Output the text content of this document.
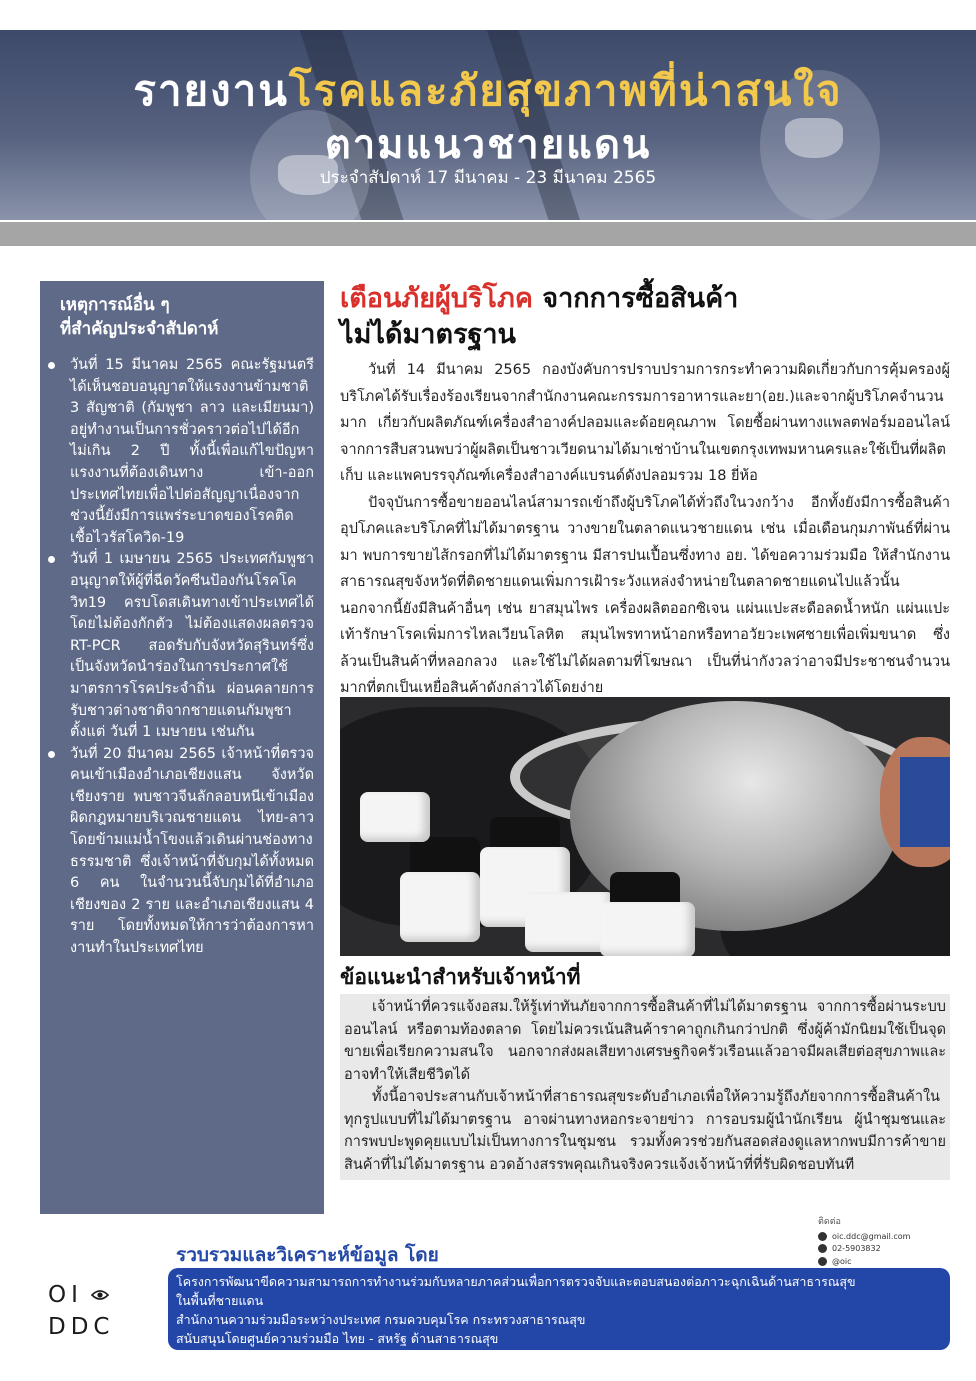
รายงานโรคและภัยสุขภาพที่น่าสนใจ
ตามแนวชายแดน
ประจำสัปดาห์ 17 มีนาคม - 23 มีนาคม 2565
เหตุการณ์อื่น ๆ
ที่สำคัญประจำสัปดาห์
วันที่ 15 มีนาคม 2565 คณะรัฐมนตรีได้เห็นชอบอนุญาตให้แรงงานข้ามชาติ 3 สัญชาติ (กัมพูชา ลาว และเมียนมา) อยู่ทำงานเป็นการชั่วคราวต่อไปได้อีกไม่เกิน 2 ปี ทั้งนี้เพื่อแก้ไขปัญหาแรงงานที่ต้องเดินทาง เข้า-ออกประเทศไทยเพื่อไปต่อสัญญาเนื่องจากช่วงนี้ยังมีการแพร่ระบาดของโรคติดเชื้อไวรัสโควิด-19
วันที่ 1 เมษายน 2565 ประเทศกัมพูชา อนุญาตให้ผู้ที่ฉีดวัคซีนป้องกันโรคโควิท19 ครบโดสเดินทางเข้าประเทศได้โดยไม่ต้องกักตัว ไม่ต้องแสดงผลตรวจ RT-PCR สอดรับกับจังหวัดสุรินทร์ซึ่งเป็นจังหวัดนำร่องในการประกาศใช้มาตรการโรคประจำถิ่น ผ่อนคลายการรับชาวต่างชาติจากชายแดนกัมพูชา ตั้งแต่ วันที่ 1 เมษายน เช่นกัน
วันที่ 20 มีนาคม 2565 เจ้าหน้าที่ตรวจคนเข้าเมืองอำเภอเชียงแสน จังหวัดเชียงราย พบชาวจีนลักลอบหนีเข้าเมืองผิดกฎหมายบริเวณชายแดน ไทย-ลาว โดยข้ามแม่น้ำโขงแล้วเดินผ่านช่องทางธรรมชาติ ซึ่งเจ้าหน้าที่จับกุมได้ทั้งหมด 6 คน ในจำนวนนี้จับกุมได้ที่อำเภอเชียงของ 2 ราย และอำเภอเชียงแสน 4 ราย โดยทั้งหมดให้การว่าต้องการหางานทำในประเทศไทย
เตือนภัยผู้บริโภค จากการซื้อสินค้า
ไม่ได้มาตรฐาน

วันที่ 14 มีนาคม 2565 กองบังคับการปราบปรามการกระทำความผิดเกี่ยวกับการคุ้มครองผู้บริโภคได้รับเรื่องร้องเรียนจากสำนักงานคณะกรรมการอาหารและยา(อย.)และจากผู้บริโภคจำนวนมาก เกี่ยวกับผลิตภัณฑ์เครื่องสำอางค์ปลอมและด้อยคุณภาพ โดยซื้อผ่านทางแพลตฟอร์มออนไลน์ จากการสืบสวนพบว่าผู้ผลิตเป็นชาวเวียดนามได้มาเช่าบ้านในเขตกรุงเทพมหานครและใช้เป็นที่ผลิต เก็บ และแพคบรรจุภัณฑ์เครื่องสำอางค์แบรนด์ดังปลอมรวม 18 ยี่ห้อ

ปัจจุบันการซื้อขายออนไลน์สามารถเข้าถึงผู้บริโภคได้ทั่วถึงในวงกว้าง อีกทั้งยังมีการซื้อสินค้าอุปโภคและบริโภคที่ไม่ได้มาตรฐาน วางขายในตลาดแนวชายแดน เช่น เมื่อเดือนกุมภาพันธ์ที่ผ่านมา พบการขายไส้กรอกที่ไม่ได้มาตรฐาน มีสารปนเปื้อนซึ่งทาง อย. ได้ขอความร่วมมือ ให้สำนักงานสาธารณสุขจังหวัดที่ติดชายแดนเพิ่มการเฝ้าระวังแหล่งจำหน่ายในตลาดชายแดนไปแล้วนั้น นอกจากนี้ยังมีสินค้าอื่นๆ เช่น ยาสมุนไพร เครื่องผลิตออกซิเจน แผ่นแปะสะดือลดน้ำหนัก แผ่นแปะเท้ารักษาโรคเพิ่มการไหลเวียนโลหิต สมุนไพรทาหน้าอกหรือทาอวัยวะเพศชายเพื่อเพิ่มขนาด ซึ่งล้วนเป็นสินค้าที่หลอกลวง และใช้ไม่ได้ผลตามที่โฆษณา เป็นที่น่ากังวลว่าอาจมีประชาชนจำนวนมากที่ตกเป็นเหยื่อสินค้าดังกล่าวได้โดยง่าย

ข้อแนะนำสำหรับเจ้าหน้าที่

เจ้าหน้าที่ควรแจ้งอสม.ให้รู้เท่าทันภัยจากการซื้อสินค้าที่ไม่ได้มาตรฐาน จากการซื้อผ่านระบบออนไลน์ หรือตามท้องตลาด โดยไม่ควรเน้นสินค้าราคาถูกเกินกว่าปกติ ซึ่งผู้ค้ามักนิยมใช้เป็นจุดขายเพื่อเรียกความสนใจ นอกจากส่งผลเสียทางเศรษฐกิจครัวเรือนแล้วอาจมีผลเสียต่อสุขภาพและอาจทำให้เสียชีวิตได้

ทั้งนี้อาจประสานกับเจ้าหน้าที่สาธารณสุขระดับอำเภอเพื่อให้ความรู้ถึงภัยจากการซื้อสินค้าในทุกรูปแบบที่ไม่ได้มาตรฐาน อาจผ่านทางหอกระจายข่าว การอบรมผู้นำนักเรียน ผู้นำชุมชนและการพบปะพูดคุยแบบไม่เป็นทางการในชุมชน รวมทั้งควรช่วยกันสอดส่องดูแลหากพบมีการค้าขายสินค้าที่ไม่ได้มาตรฐาน อวดอ้างสรรพคุณเกินจริงควรแจ้งเจ้าหน้าที่ที่รับผิดชอบทันที

ติดต่อ
oic.ddc@gmail.com
02-5903832
@oic
OI
DDC
รวบรวมและวิเคราะห์ข้อมูล โดย
โครงการพัฒนาขีดความสามารถการทำงานร่วมกับหลายภาคส่วนเพื่อการตรวจจับและตอบสนองต่อภาวะฉุกเฉินด้านสาธารณสุข
ในพื้นที่ชายแดน
สำนักงานความร่วมมือระหว่างประเทศ กรมควบคุมโรค กระทรวงสาธารณสุข
สนับสนุนโดยศูนย์ความร่วมมือ ไทย - สหรัฐ ด้านสาธารณสุข
